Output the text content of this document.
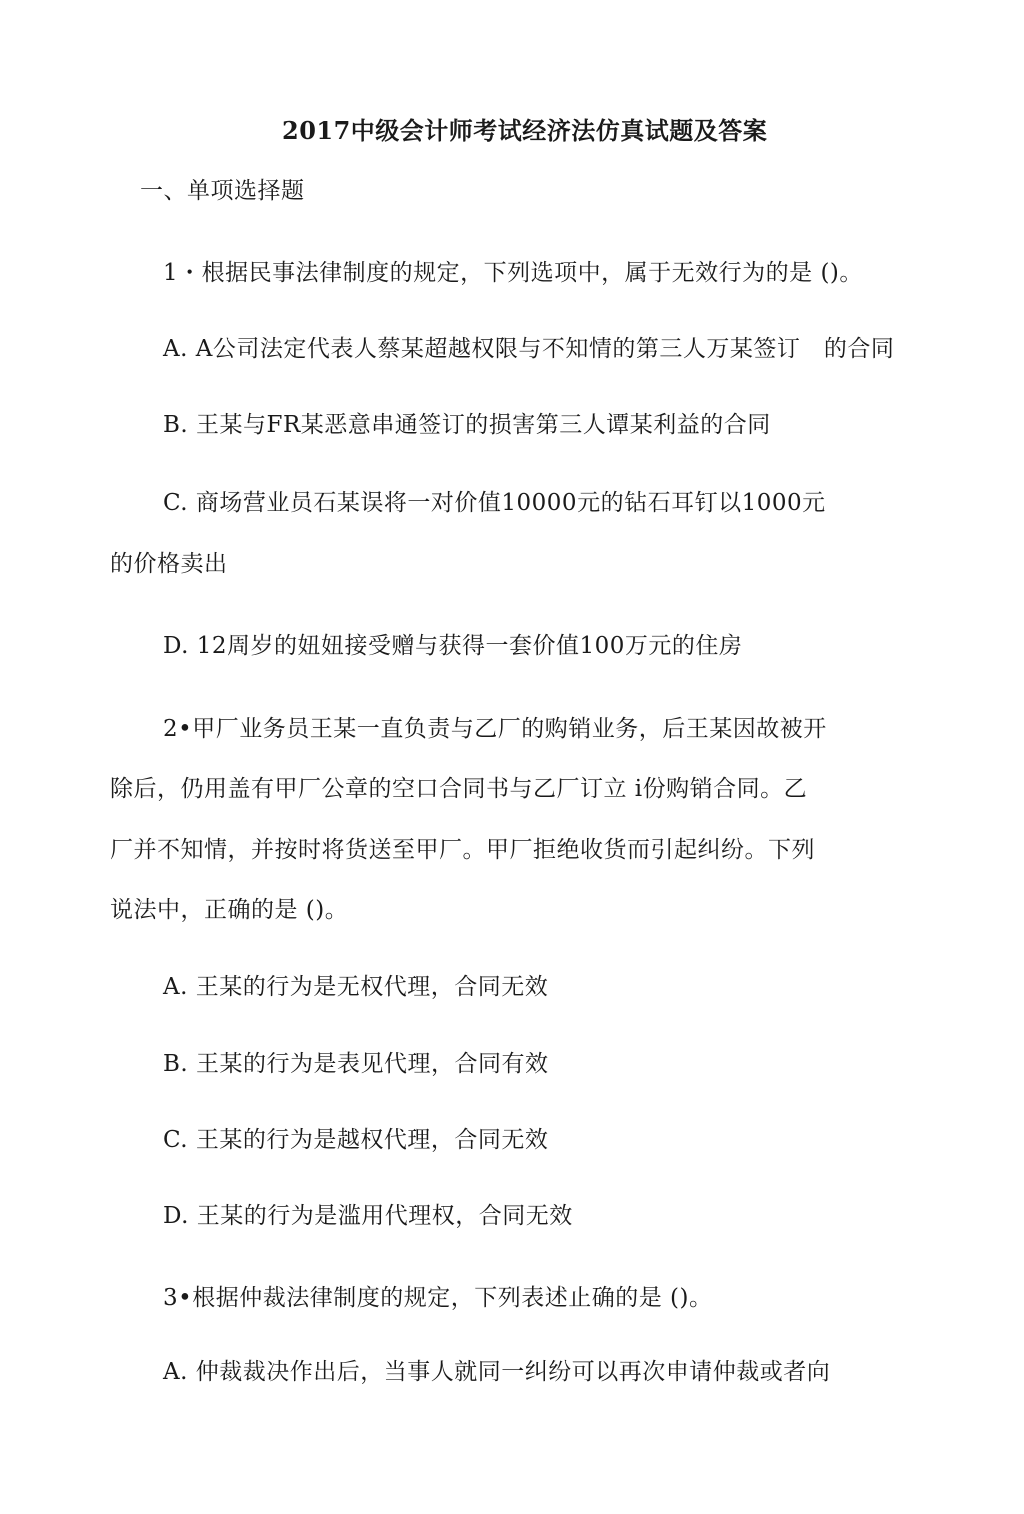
2017中级会计师考试经济法仿真试题及答案
一、单项选择题
1・根据民事法律制度的规定，下列选项中，属于无效行为的是 ()。
A. A公司法定代表人蔡某超越权限与不知情的第三人万某签订　的合同
B. 王某与FR某恶意串通签订的损害第三人谭某利益的合同
C. 商场营业员石某误将一对价值10000元的钻石耳钉以1000元
的价格卖出
D. 12周岁的妞妞接受赠与获得一套价值100万元的住房
2•甲厂业务员王某一直负责与乙厂的购销业务，后王某因故被开
除后，仍用盖有甲厂公章的空口合同书与乙厂订立 i份购销合同。乙
厂并不知情，并按时将货送至甲厂。甲厂拒绝收货而引起纠纷。下列
说法中，正确的是 ()。
A. 王某的行为是无权代理，合同无效
B. 王某的行为是表见代理，合同有效
C. 王某的行为是越权代理，合同无效
D. 王某的行为是滥用代理权，合同无效
3•根据仲裁法律制度的规定，下列表述止确的是 ()。
A. 仲裁裁决作出后，当事人就同一纠纷可以再次申请仲裁或者向
